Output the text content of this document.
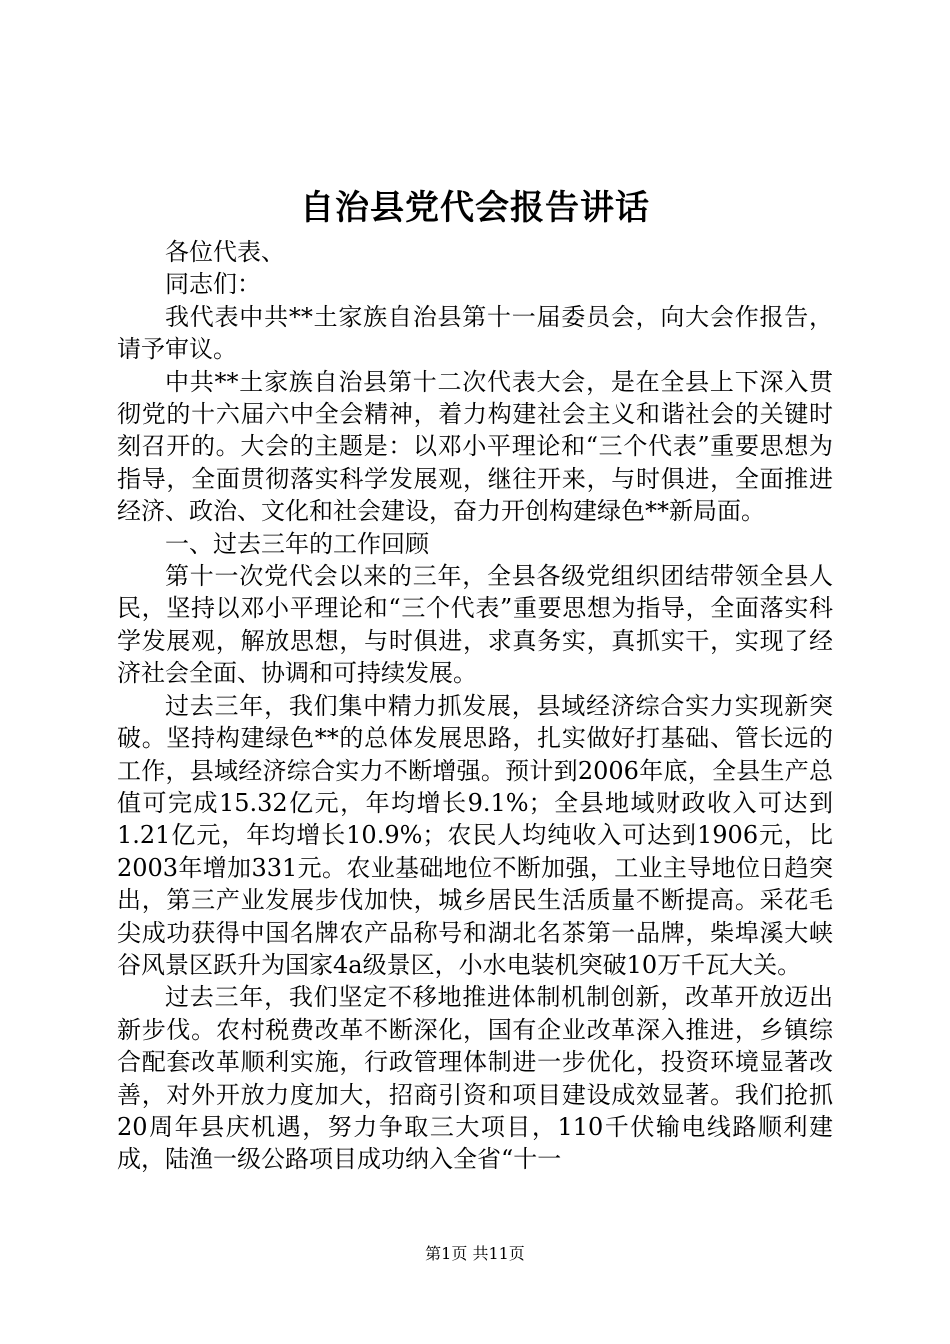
自治县党代会报告讲话

各位代表、

同志们：

我代表中共**土家族自治县第十一届委员会，向大会作报告，请予审议。

中共**土家族自治县第十二次代表大会，是在全县上下深入贯彻党的十六届六中全会精神，着力构建社会主义和谐社会的关键时刻召开的。大会的主题是：以邓小平理论和“三个代表”重要思想为指导，全面贯彻落实科学发展观，继往开来，与时俱进，全面推进经济、政治、文化和社会建设，奋力开创构建绿色**新局面。

一、过去三年的工作回顾

第十一次党代会以来的三年，全县各级党组织团结带领全县人民，坚持以邓小平理论和“三个代表”重要思想为指导，全面落实科学发展观，解放思想，与时俱进，求真务实，真抓实干，实现了经济社会全面、协调和可持续发展。

过去三年，我们集中精力抓发展，县域经济综合实力实现新突破。坚持构建绿色**的总体发展思路，扎实做好打基础、管长远的工作，县域经济综合实力不断增强。预计到2006年底，全县生产总值可完成15.32亿元，年均增长9.1%；全县地域财政收入可达到1.21亿元，年均增长10.9%；农民人均纯收入可达到1906元，比2003年增加331元。农业基础地位不断加强，工业主导地位日趋突出，第三产业发展步伐加快，城乡居民生活质量不断提高。采花毛尖成功获得中国名牌农产品称号和湖北名茶第一品牌，柴埠溪大峡谷风景区跃升为国家4a级景区，小水电装机突破10万千瓦大关。

过去三年，我们坚定不移地推进体制机制创新，改革开放迈出新步伐。农村税费改革不断深化，国有企业改革深入推进，乡镇综合配套改革顺利实施，行政管理体制进一步优化，投资环境显著改善，对外开放力度加大，招商引资和项目建设成效显著。我们抢抓20周年县庆机遇，努力争取三大项目，110千伏输电线路顺利建成，陆渔一级公路项目成功纳入全省“十一

第1页 共11页
